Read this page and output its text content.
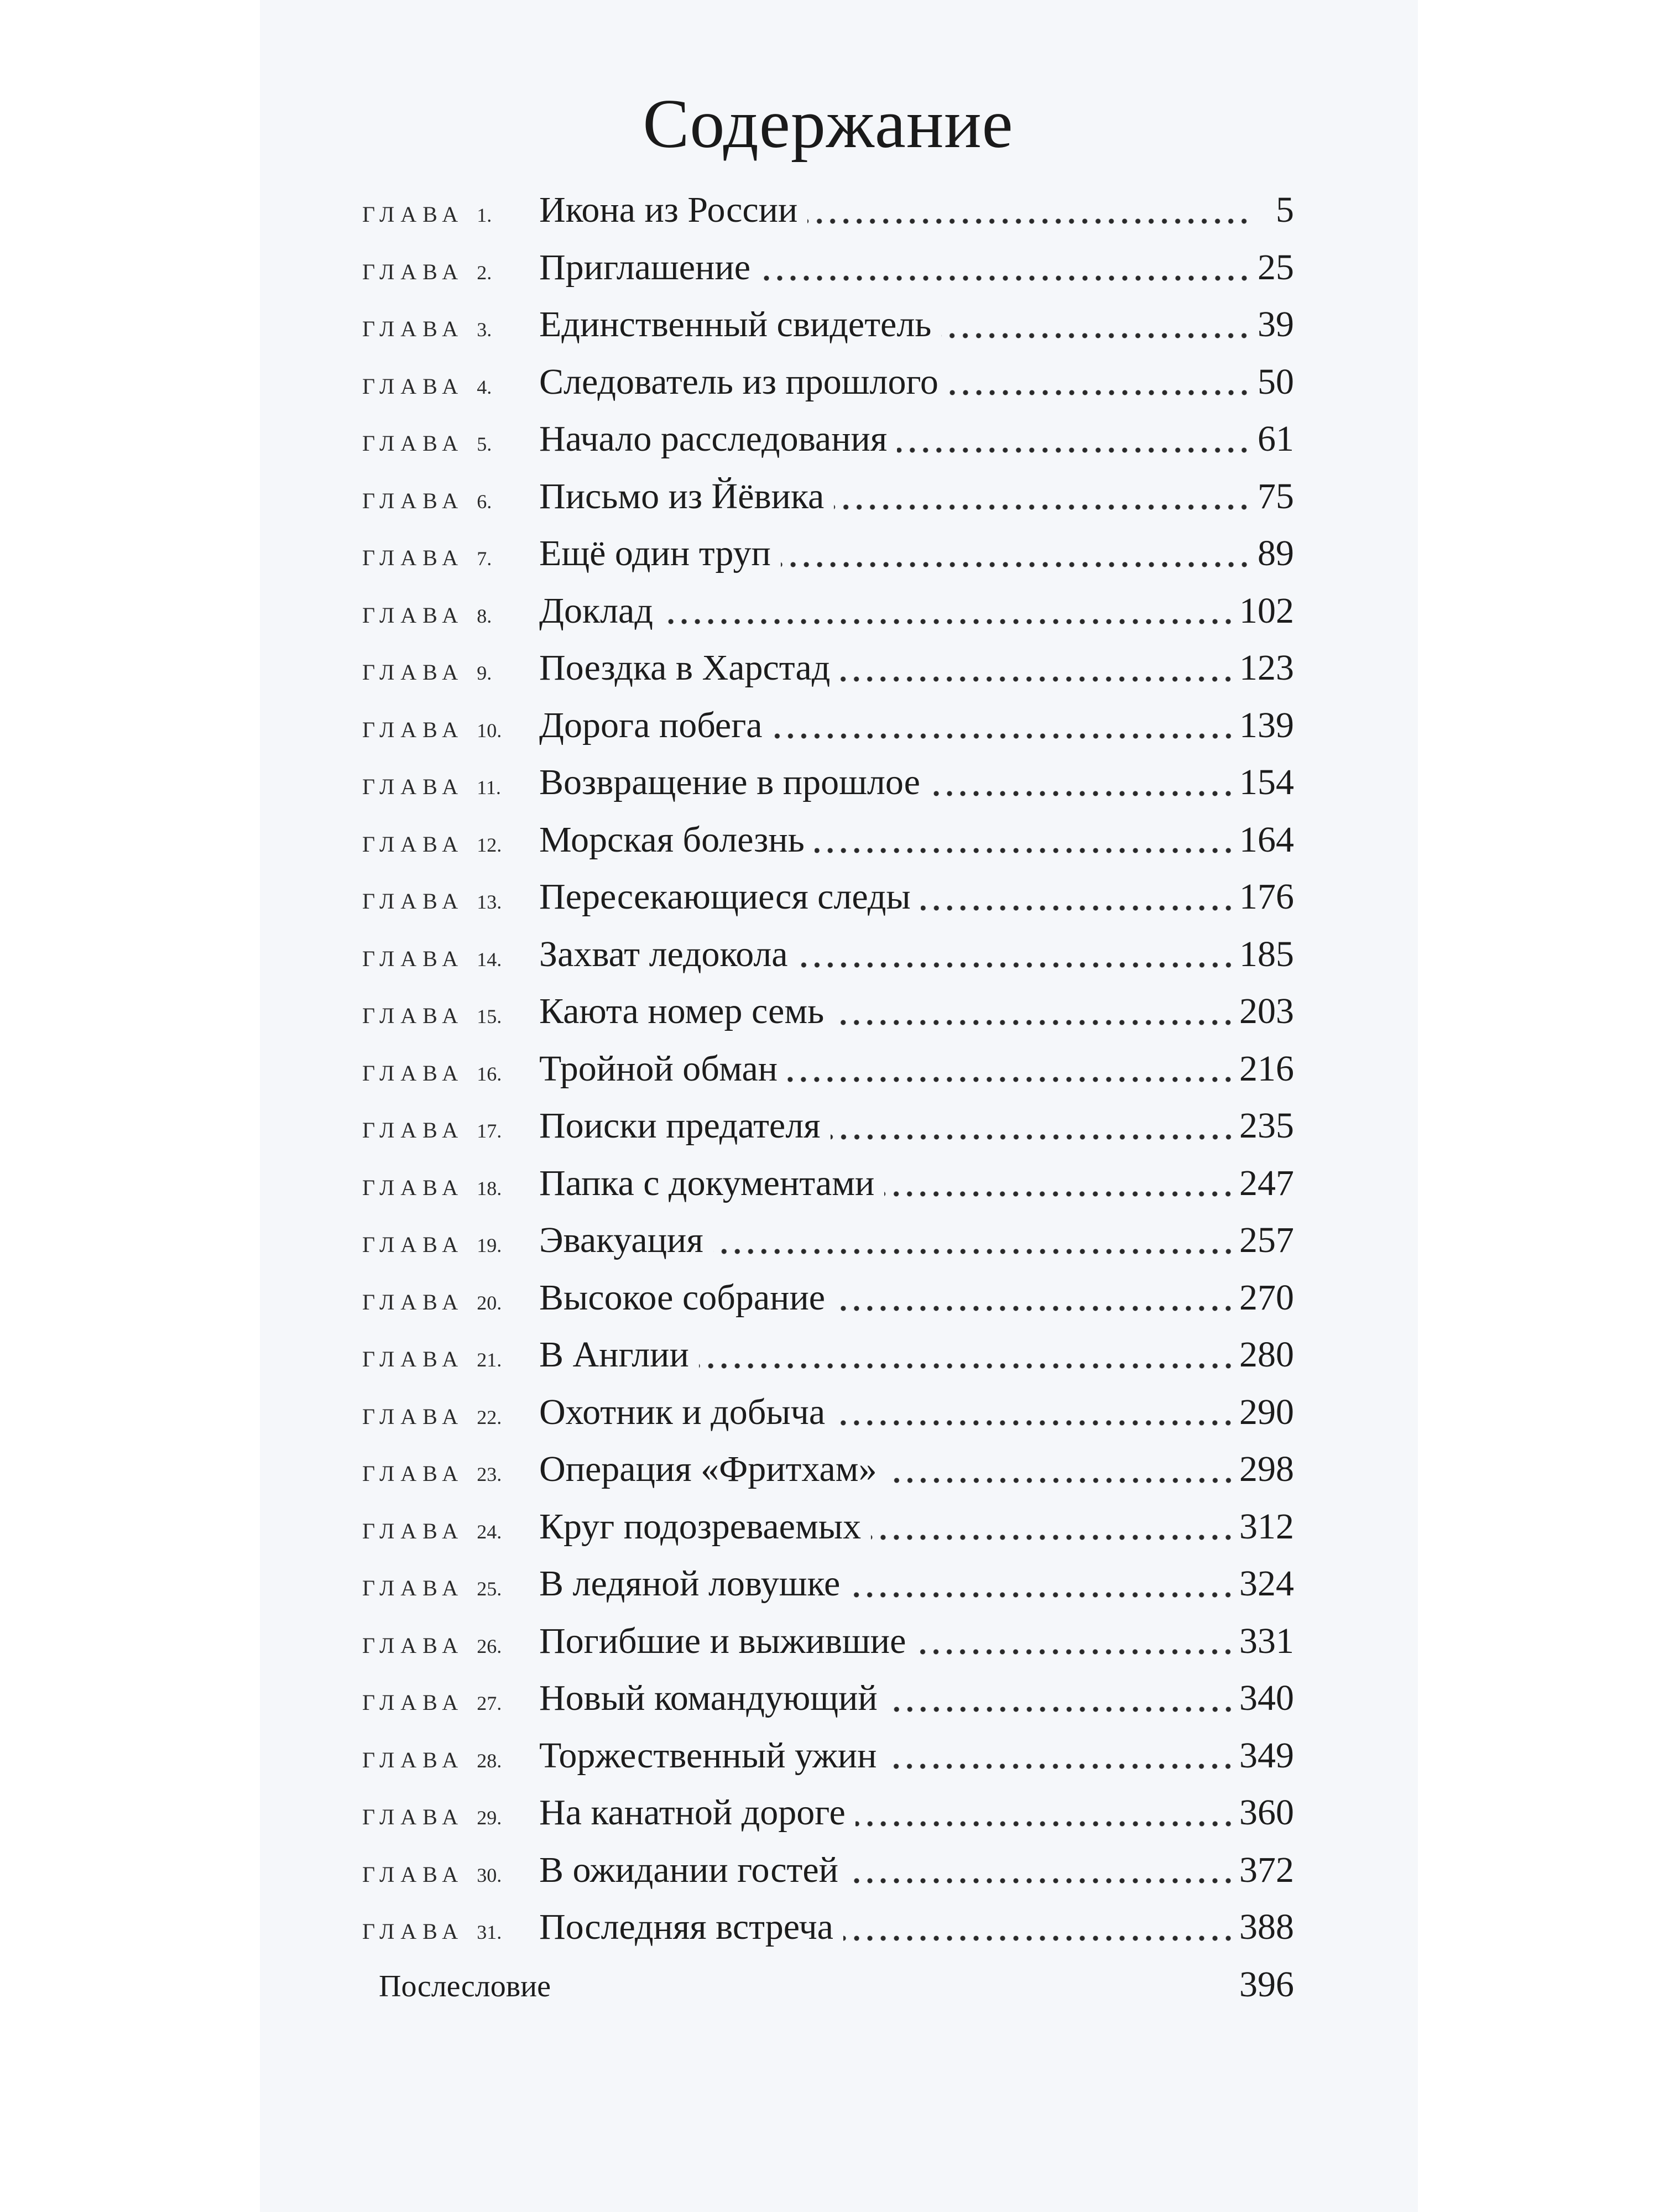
Содержание
ГЛАВА 1.	Икона из России	5
ГЛАВА 2.	Приглашение	25
ГЛАВА 3.	Единственный свидетель	39
ГЛАВА 4.	Следователь из прошлого	50
ГЛАВА 5.	Начало расследования	61
ГЛАВА 6.	Письмо из Йёвика	75
ГЛАВА 7.	Ещё один труп	89
ГЛАВА 8.	Доклад	102
ГЛАВА 9.	Поездка в Харстад	123
ГЛАВА 10.	Дорога побега	139
ГЛАВА 11.	Возвращение в прошлое	154
ГЛАВА 12.	Морская болезнь	164
ГЛАВА 13.	Пересекающиеся следы	176
ГЛАВА 14.	Захват ледокола	185
ГЛАВА 15.	Каюта номер семь	203
ГЛАВА 16.	Тройной обман	216
ГЛАВА 17.	Поиски предателя	235
ГЛАВА 18.	Папка с документами	247
ГЛАВА 19.	Эвакуация	257
ГЛАВА 20.	Высокое собрание	270
ГЛАВА 21.	В Англии	280
ГЛАВА 22.	Охотник и добыча	290
ГЛАВА 23.	Операция «Фритхам»	298
ГЛАВА 24.	Круг подозреваемых	312
ГЛАВА 25.	В ледяной ловушке	324
ГЛАВА 26.	Погибшие и выжившие	331
ГЛАВА 27.	Новый командующий	340
ГЛАВА 28.	Торжественный ужин	349
ГЛАВА 29.	На канатной дороге	360
ГЛАВА 30.	В ожидании гостей	372
ГЛАВА 31.	Последняя встреча	388
Послесловие	396
